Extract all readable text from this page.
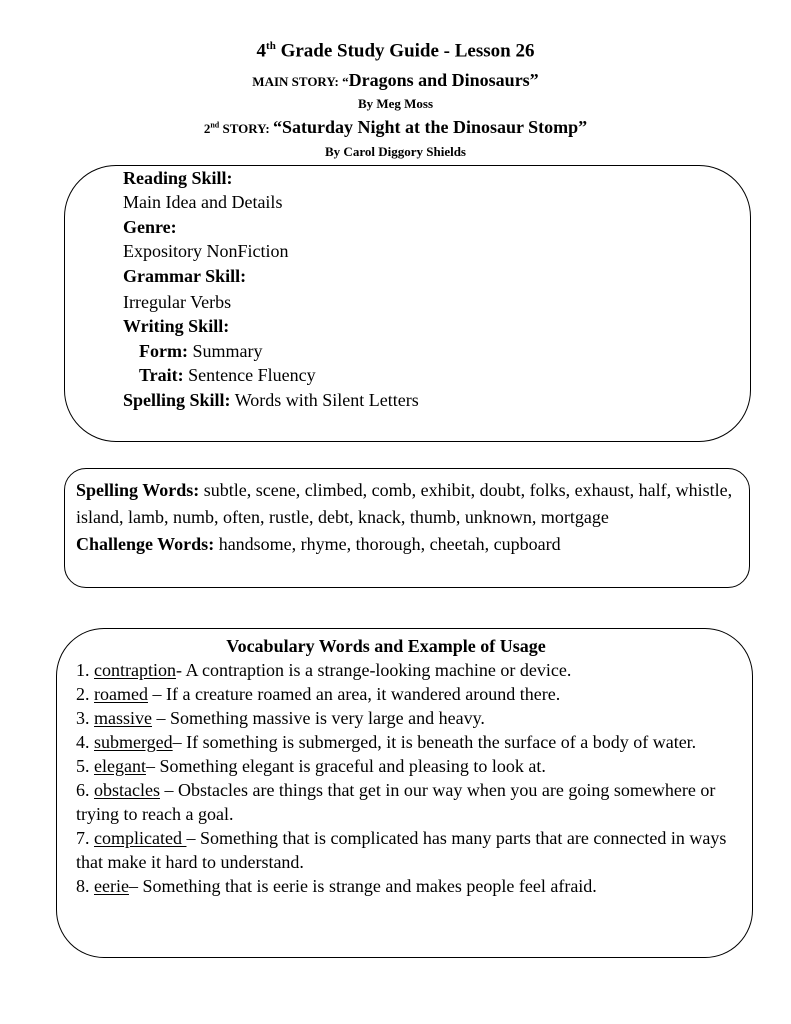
4th Grade Study Guide - Lesson 26
MAIN STORY: “Dragons and Dinosaurs”
By Meg Moss
2nd STORY: “Saturday Night at the Dinosaur Stomp”
By Carol Diggory Shields
Reading Skill:
Main Idea and Details
Genre:
Expository NonFiction
Grammar Skill:
Irregular Verbs
Writing Skill:
Form: Summary
Trait: Sentence Fluency
Spelling Skill: Words with Silent Letters
Spelling Words: subtle, scene, climbed, comb, exhibit, doubt, folks, exhaust, half, whistle, island, lamb, numb, often, rustle, debt, knack, thumb, unknown, mortgage
Challenge Words: handsome, rhyme, thorough, cheetah, cupboard
Vocabulary Words and Example of Usage
1. contraption- A contraption is a strange-looking machine or device.
2. roamed – If a creature roamed an area, it wandered around there.
3. massive – Something massive is very large and heavy.
4. submerged– If something is submerged, it is beneath the surface of a body of water.
5. elegant– Something elegant is graceful and pleasing to look at.
6. obstacles – Obstacles are things that get in our way when you are going somewhere or trying to reach a goal.
7. complicated – Something that is complicated has many parts that are connected in ways that make it hard to understand.
8. eerie– Something that is eerie is strange and makes people feel afraid.
